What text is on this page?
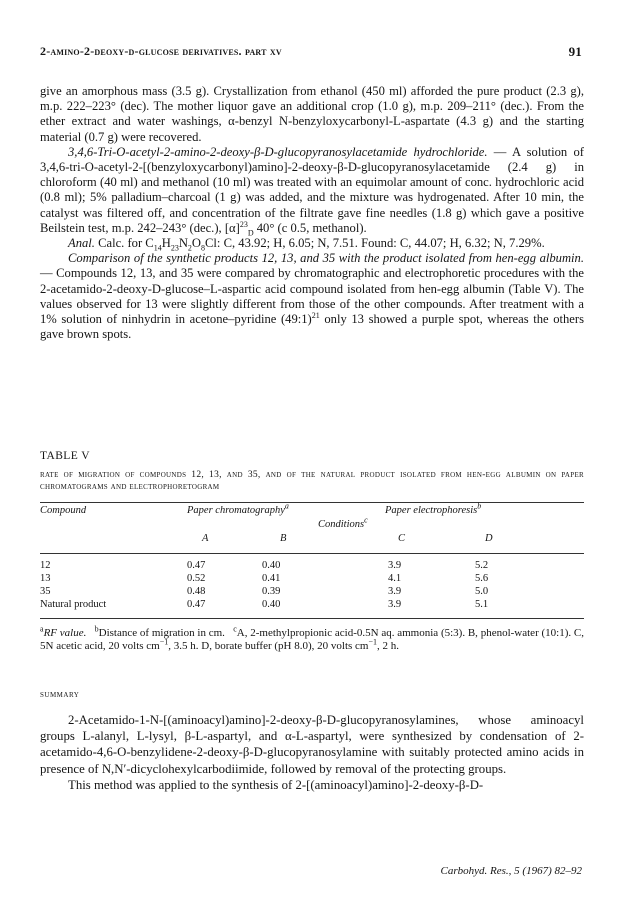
2-amino-2-deoxy-d-glucose derivatives. part xv	91

give an amorphous mass (3.5 g). Crystallization from ethanol (450 ml) afforded the pure product (2.3 g), m.p. 222–223° (dec). The mother liquor gave an additional crop (1.0 g), m.p. 209–211° (dec.). From the ether extract and water washings, α-benzyl N-benzyloxycarbonyl-L-aspartate (4.3 g) and the starting material (0.7 g) were recovered.

3,4,6-Tri-O-acetyl-2-amino-2-deoxy-β-D-glucopyranosylacetamide hydrochloride. — A solution of 3,4,6-tri-O-acetyl-2-[(benzyloxycarbonyl)amino]-2-deoxy-β-D-glucopyranosylacetamide (2.4 g) in chloroform (40 ml) and methanol (10 ml) was treated with an equimolar amount of conc. hydrochloric acid (0.8 ml); 5% palladium–charcoal (1 g) was added, and the mixture was hydrogenated. After 10 min, the catalyst was filtered off, and concentration of the filtrate gave fine needles (1.8 g) which gave a positive Beilstein test, m.p. 242–243° (dec.), $[\alpha]^{23}_D$ 40° (c 0.5, methanol).

Anal. Calc. for $C_{14}H_{23}N_2O_8Cl$: C, 43.92; H, 6.05; N, 7.51. Found: C, 44.07; H, 6.32; N, 7.29%.

Comparison of the synthetic products 12, 13, and 35 with the product isolated from hen-egg albumin. — Compounds 12, 13, and 35 were compared by chromatographic and electrophoretic procedures with the 2-acetamido-2-deoxy-D-glucose–L-aspartic acid compound isolated from hen-egg albumin (Table V). The values observed for 13 were slightly different from those of the other compounds. After treatment with a 1% solution of ninhydrin in acetone–pyridine (49:1)$^{21}$ only 13 showed a purple spot, whereas the others gave brown spots.

TABLE V
rate of migration of compounds 12, 13, and 35, and of the natural product isolated from hen-egg albumin on paper chromatograms and electrophoretogram
Compound	Paper chromatography$^a$	Paper electrophoresis$^b$
Conditions$^c$
A	B	C	D
12	0.47	0.40	3.9	5.2
13	0.52	0.41	4.1	5.6
35	0.48	0.39	3.9	5.0
Natural product	0.47	0.40	3.9	5.1
$^a$RF value. $^b$Distance of migration in cm. $^c$A, 2-methylpropionic acid-0.5N aq. ammonia (5:3). B, phenol-water (10:1). C, 5N acetic acid, 20 volts $cm^{-1}$, 3.5 h. D, borate buffer (pH 8.0), 20 volts $cm^{-1}$, 2 h.
summary

2-Acetamido-1-N-[(aminoacyl)amino]-2-deoxy-β-D-glucopyranosylamines, whose aminoacyl groups L-alanyl, L-lysyl, β-L-aspartyl, and α-L-aspartyl, were synthesized by condensation of 2-acetamido-4,6-O-benzylidene-2-deoxy-β-D-glucopyranosylamine with suitably protected amino acids in presence of N,N′-dicyclohexylcarbodiimide, followed by removal of the protecting groups.

This method was applied to the synthesis of 2-[(aminoacyl)amino]-2-deoxy-β-D-

Carbohyd. Res., 5 (1967) 82–92
